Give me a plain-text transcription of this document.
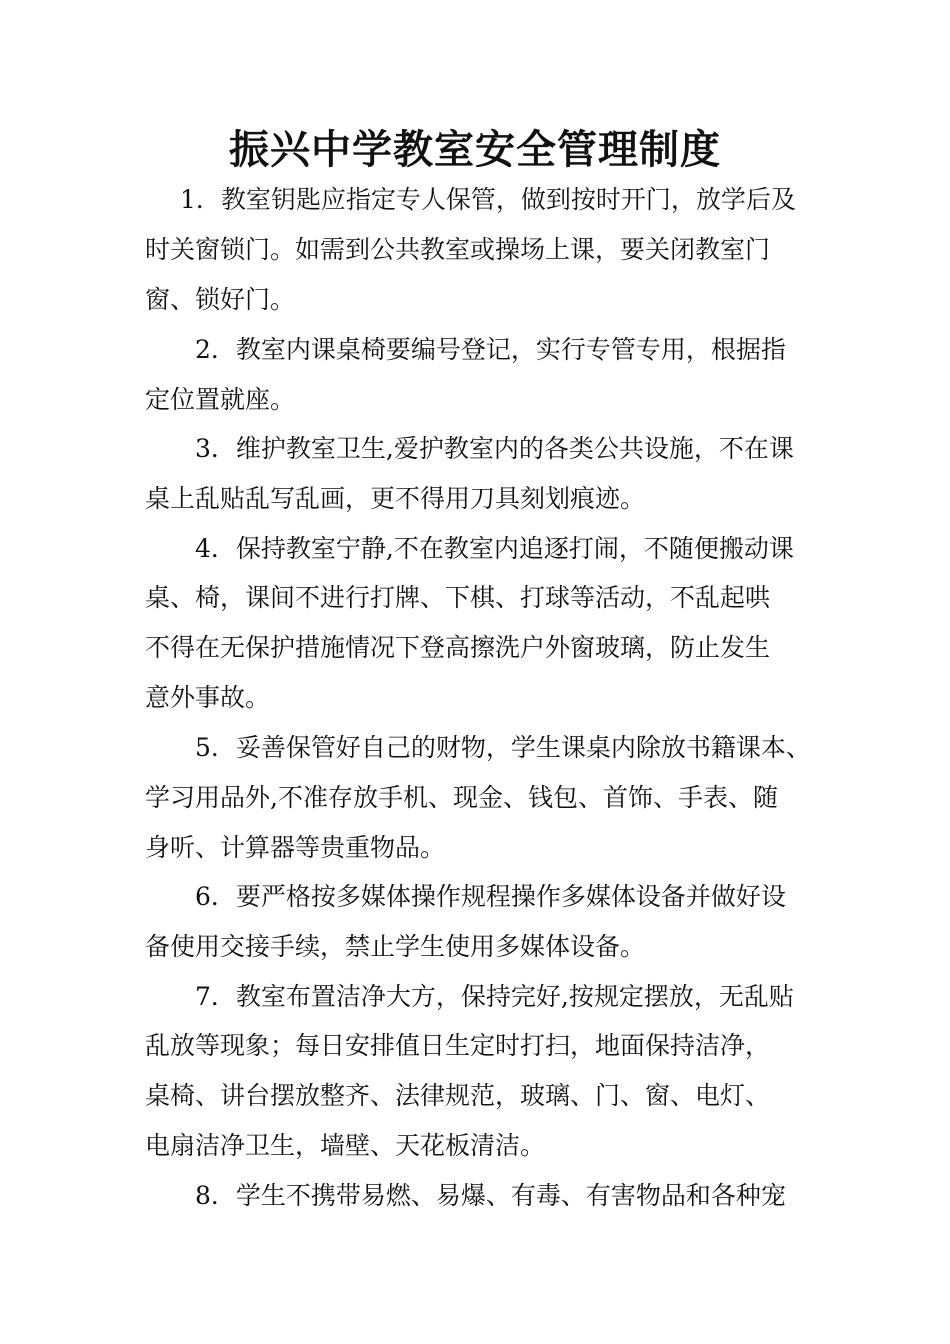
振兴中学教室安全管理制度

1．教室钥匙应指定专人保管，做到按时开门，放学后及

时关窗锁门。如需到公共教室或操场上课，要关闭教室门

窗、锁好门。

2．教室内课桌椅要编号登记，实行专管专用，根据指

定位置就座。

3．维护教室卫生,爱护教室内的各类公共设施，不在课

桌上乱贴乱写乱画，更不得用刀具刻划痕迹。

4．保持教室宁静,不在教室内追逐打闹，不随便搬动课

桌、椅，课间不进行打牌、下棋、打球等活动，不乱起哄

不得在无保护措施情况下登高擦洗户外窗玻璃，防止发生

意外事故。

5．妥善保管好自己的财物，学生课桌内除放书籍课本、

学习用品外,不准存放手机、现金、钱包、首饰、手表、随

身听、计算器等贵重物品。

6．要严格按多媒体操作规程操作多媒体设备并做好设

备使用交接手续，禁止学生使用多媒体设备。

7．教室布置洁净大方，保持完好,按规定摆放，无乱贴

乱放等现象；每日安排值日生定时打扫，地面保持洁净，

桌椅、讲台摆放整齐、法律规范，玻璃、门、窗、电灯、

电扇洁净卫生，墙壁、天花板清洁。

8．学生不携带易燃、易爆、有毒、有害物品和各种宠
